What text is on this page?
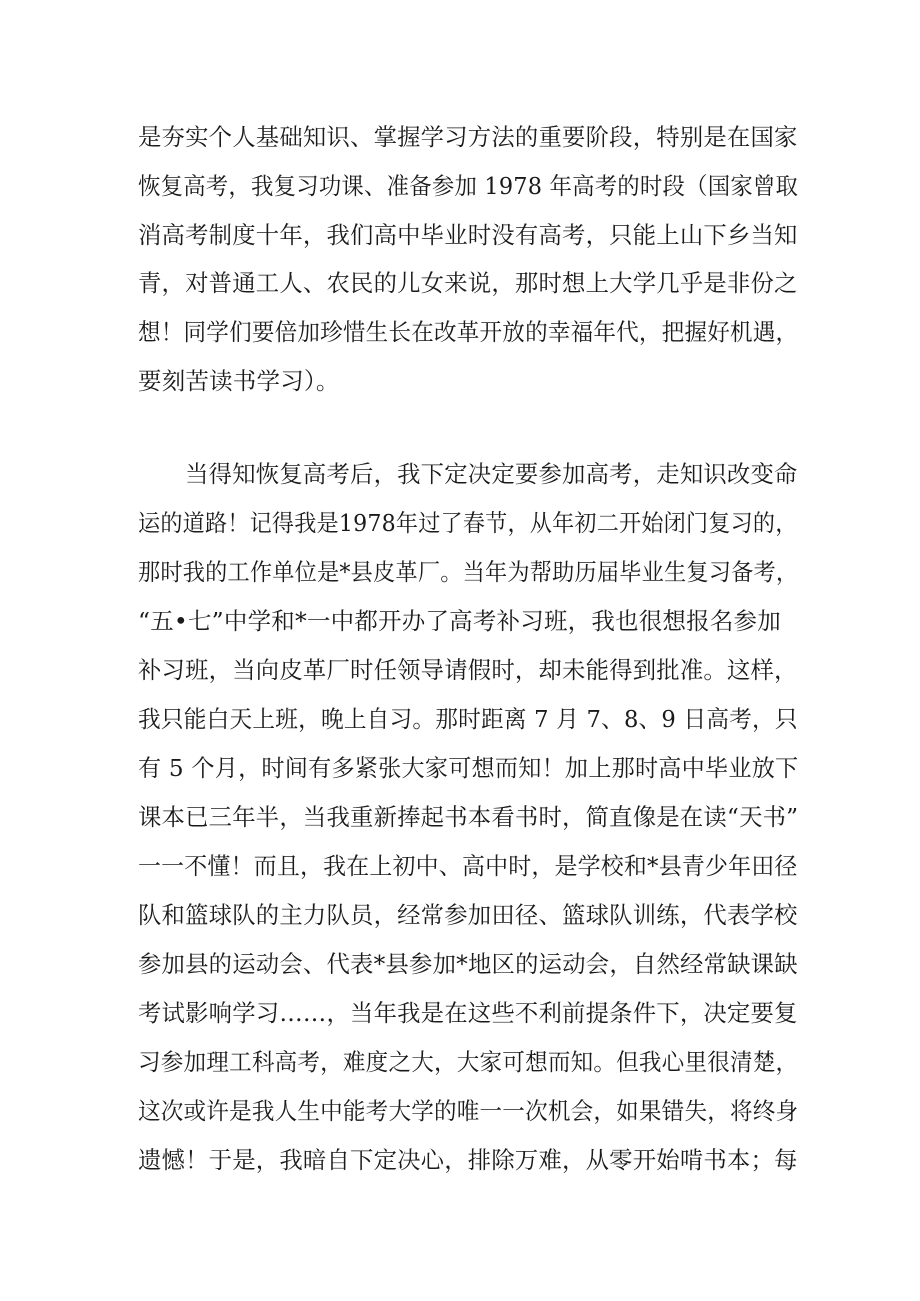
是夯实个人基础知识、掌握学习方法的重要阶段，特别是在国家
恢复高考，我复习功课、准备参加 1978 年高考的时段（国家曾取
消高考制度十年，我们高中毕业时没有高考，只能上山下乡当知
青，对普通工人、农民的儿女来说，那时想上大学几乎是非份之
想！同学们要倍加珍惜生长在改革开放的幸福年代，把握好机遇，
要刻苦读书学习）。
　　当得知恢复高考后，我下定决定要参加高考，走知识改变命
运的道路！记得我是1978年过了春节，从年初二开始闭门复习的，
那时我的工作单位是*县皮革厂。当年为帮助历届毕业生复习备考，
“五•七”中学和*一中都开办了高考补习班，我也很想报名参加
补习班，当向皮革厂时任领导请假时，却未能得到批准。这样，
我只能白天上班，晚上自习。那时距离 7 月 7、8、9 日高考，只
有 5 个月，时间有多紧张大家可想而知！加上那时高中毕业放下
课本已三年半，当我重新捧起书本看书时，简直像是在读“天书”
一一不懂！而且，我在上初中、高中时，是学校和*县青少年田径
队和篮球队的主力队员，经常参加田径、篮球队训练，代表学校
参加县的运动会、代表*县参加*地区的运动会，自然经常缺课缺
考试影响学习……，当年我是在这些不利前提条件下，决定要复
习参加理工科高考，难度之大，大家可想而知。但我心里很清楚，
这次或许是我人生中能考大学的唯一一次机会，如果错失，将终身
遗憾！于是，我暗自下定决心，排除万难，从零开始啃书本；每
